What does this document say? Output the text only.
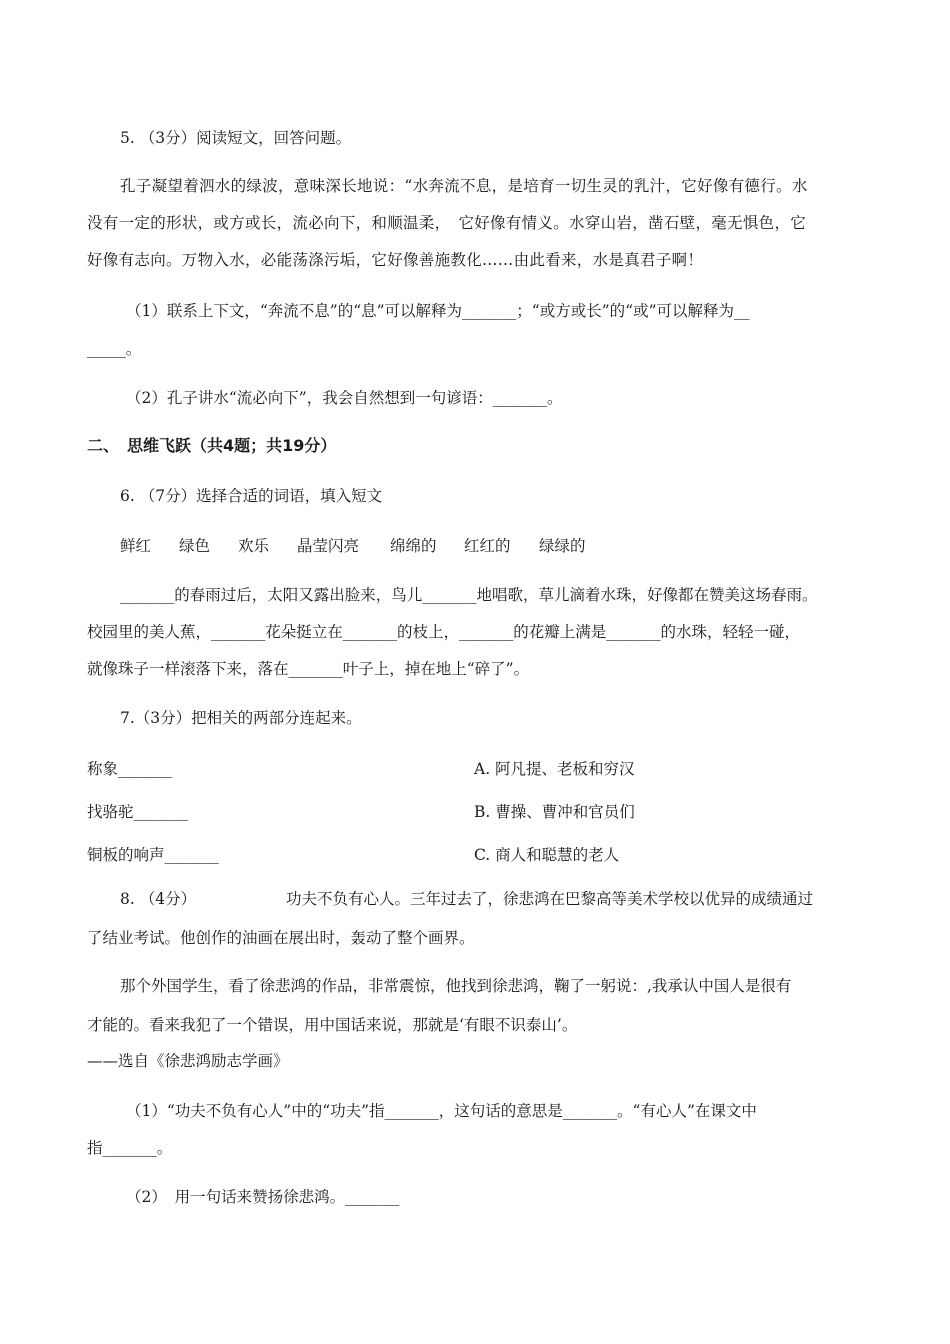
5. （3分）阅读短文，回答问题。
孔子凝望着泗水的绿波，意味深长地说：“水奔流不息，是培育一切生灵的乳汁，它好像有德行。水
没有一定的形状，或方或长，流必向下，和顺温柔，　它好像有情义。水穿山岩，凿石壁，毫无惧色，它
好像有志向。万物入水，必能荡涤污垢，它好像善施教化……由此看来，水是真君子啊！
（1）联系上下文，“奔流不息”的“息”可以解释为_______；“或方或长”的“或”可以解释为__
_____。
（2）孔子讲水“流必向下”，我会自然想到一句谚语：_______。
二、　思维飞跃（共4题；共19分）
6. （7分）选择合适的词语，填入短文
鲜红 绿色 欢乐 晶莹闪亮 绵绵的 红红的 绿绿的
_______的春雨过后，太阳又露出脸来，鸟儿_______地唱歌，草儿滴着水珠，好像都在赞美这场春雨。
校园里的美人蕉，_______花朵挺立在_______的枝上，_______的花瓣上满是_______的水珠，轻轻一碰，
就像珠子一样滚落下来，落在_______叶子上，掉在地上“碎了”。
7.（3分）把相关的两部分连起来。
称象_______	A. 阿凡提、老板和穷汉
找骆驼_______	B. 曹操、曹冲和官员们
铜板的响声_______	C. 商人和聪慧的老人
8. （4分）	功夫不负有心人。三年过去了，徐悲鸿在巴黎高等美术学校以优异的成绩通过
了结业考试。他创作的油画在展出时，轰动了整个画界。
那个外国学生，看了徐悲鸿的作品，非常震惊，他找到徐悲鸿，鞠了一躬说：,我承认中国人是很有
才能的。看来我犯了一个错误，用中国话来说，那就是‘有眼不识泰山’。
——选自《徐悲鸿励志学画》
（1）“功夫不负有心人”中的“功夫”指_______，这句话的意思是_______。“有心人”在课文中
指_______。
（2）　用一句话来赞扬徐悲鸿。_______
